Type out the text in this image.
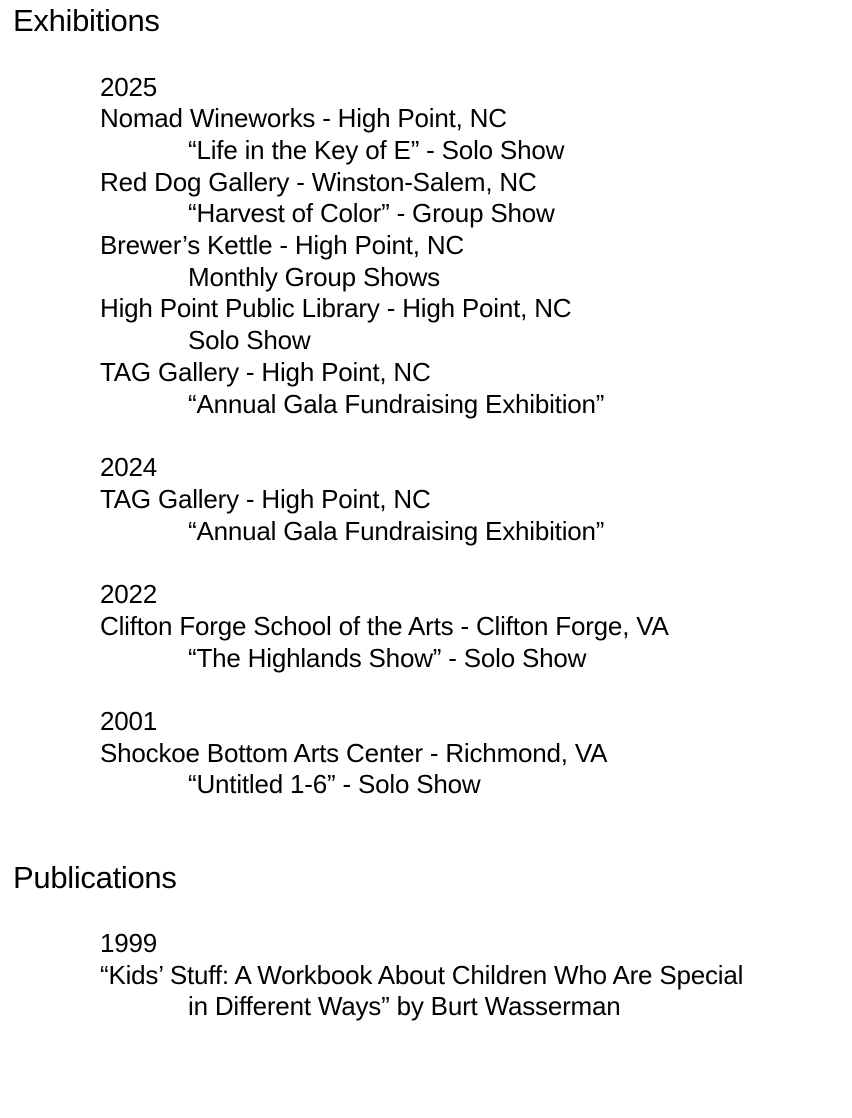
Exhibitions
2025
Nomad Wineworks - High Point, NC
“Life in the Key of E” - Solo Show
Red Dog Gallery - Winston-Salem, NC
“Harvest of Color” - Group Show
Brewer’s Kettle - High Point, NC
Monthly Group Shows
High Point Public Library - High Point, NC
Solo Show
TAG Gallery - High Point, NC
“Annual Gala Fundraising Exhibition”
2024
TAG Gallery - High Point, NC
“Annual Gala Fundraising Exhibition”
2022
Clifton Forge School of the Arts - Clifton Forge, VA
“The Highlands Show” - Solo Show
2001
Shockoe Bottom Arts Center - Richmond, VA
“Untitled 1-6” - Solo Show
Publications
1999
“Kids’ Stuff: A Workbook About Children Who Are Special
in Different Ways” by Burt Wasserman
